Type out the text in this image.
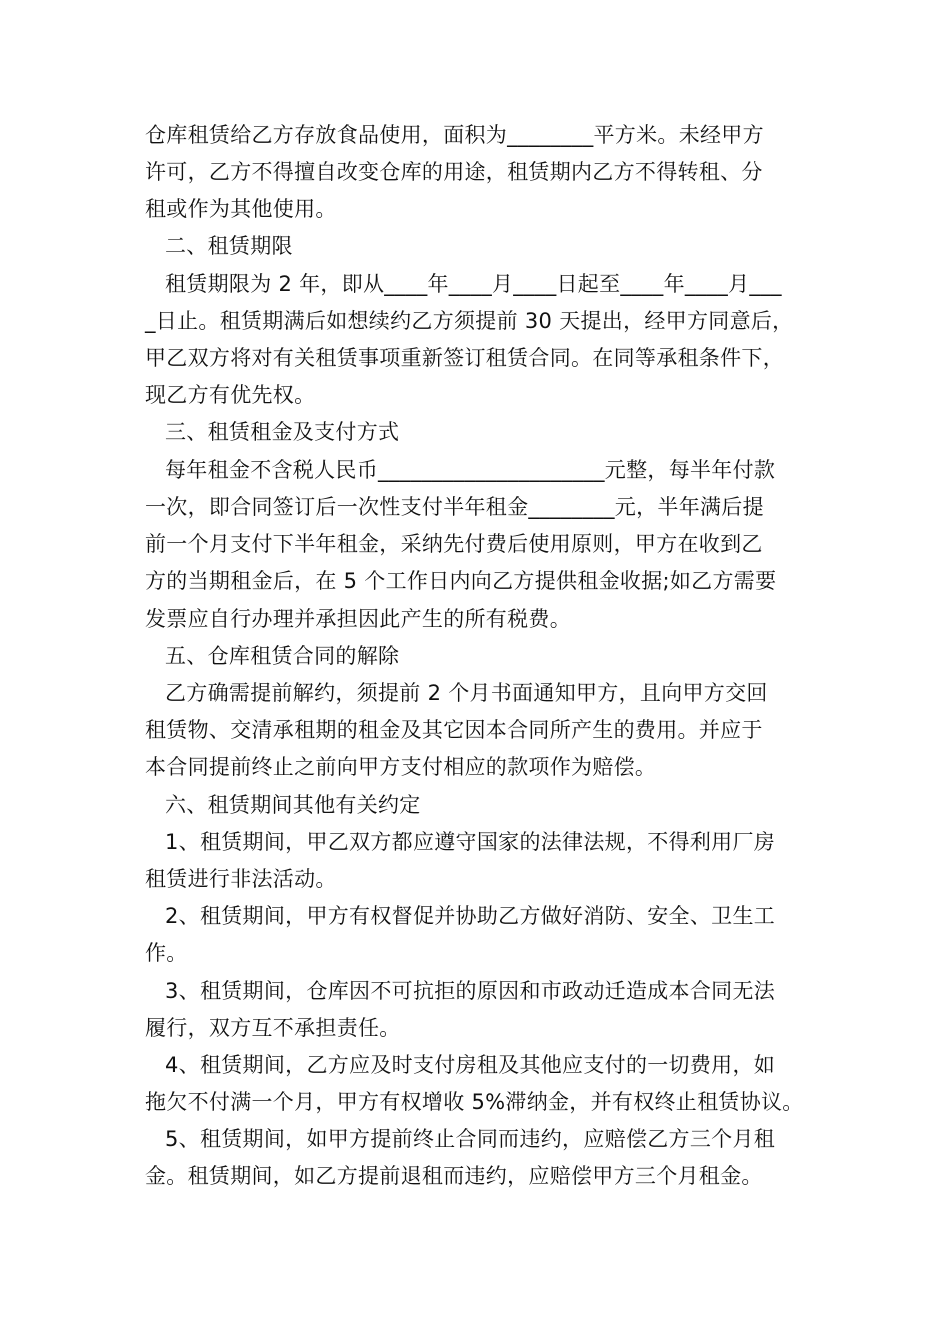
仓库租赁给乙方存放食品使用，面积为________平方米。未经甲方
许可，乙方不得擅自改变仓库的用途，租赁期内乙方不得转租、分
租或作为其他使用。
二、租赁期限
租赁期限为 2 年，即从____年____月____日起至____年____月___
_日止。租赁期满后如想续约乙方须提前 30 天提出，经甲方同意后，
甲乙双方将对有关租赁事项重新签订租赁合同。在同等承租条件下，
现乙方有优先权。
三、租赁租金及支付方式
每年租金不含税人民币_____________________元整，每半年付款
一次，即合同签订后一次性支付半年租金________元，半年满后提
前一个月支付下半年租金，采纳先付费后使用原则，甲方在收到乙
方的当期租金后，在 5 个工作日内向乙方提供租金收据;如乙方需要
发票应自行办理并承担因此产生的所有税费。
五、仓库租赁合同的解除
乙方确需提前解约，须提前 2 个月书面通知甲方，且向甲方交回
租赁物、交清承租期的租金及其它因本合同所产生的费用。并应于
本合同提前终止之前向甲方支付相应的款项作为赔偿。
六、租赁期间其他有关约定
1、租赁期间，甲乙双方都应遵守国家的法律法规，不得利用厂房
租赁进行非法活动。
2、租赁期间，甲方有权督促并协助乙方做好消防、安全、卫生工
作。
3、租赁期间，仓库因不可抗拒的原因和市政动迁造成本合同无法
履行，双方互不承担责任。
4、租赁期间，乙方应及时支付房租及其他应支付的一切费用，如
拖欠不付满一个月，甲方有权增收 5%滞纳金，并有权终止租赁协议。
5、租赁期间，如甲方提前终止合同而违约，应赔偿乙方三个月租
金。租赁期间，如乙方提前退租而违约，应赔偿甲方三个月租金。
